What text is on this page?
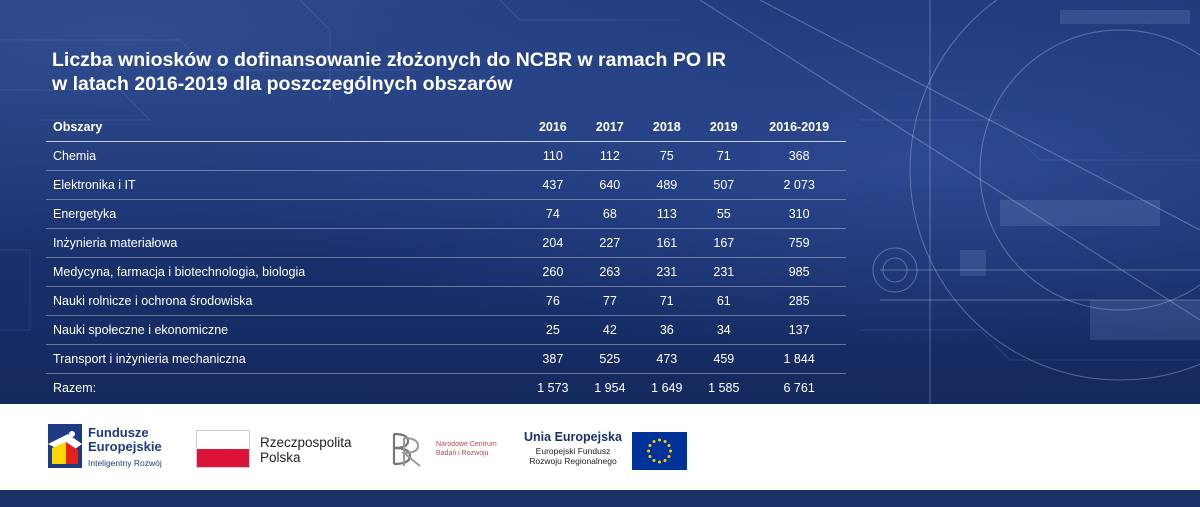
Liczba wniosków o dofinansowanie złożonych do NCBR w ramach PO IR
w latach 2016-2019 dla poszczególnych obszarów
Obszary	2016	2017	2018	2019	2016-2019
Chemia	110	112	75	71	368
Elektronika i IT	437	640	489	507	2 073
Energetyka	74	68	113	55	310
Inżynieria materiałowa	204	227	161	167	759
Medycyna, farmacja i biotechnologia, biologia	260	263	231	231	985
Nauki rolnicze i ochrona środowiska	76	77	71	61	285
Nauki społeczne i ekonomiczne	25	42	36	34	137
Transport i inżynieria mechaniczna	387	525	473	459	1 844
Razem:	1 573	1 954	1 649	1 585	6 761
Fundusze
Europejskie
Inteligentny Rozwój
Rzeczpospolita
Polska
Narodowe Centrum
Badań i Rozwoju
Unia Europejska
Europejski Fundusz
Rozwoju Regionalnego
